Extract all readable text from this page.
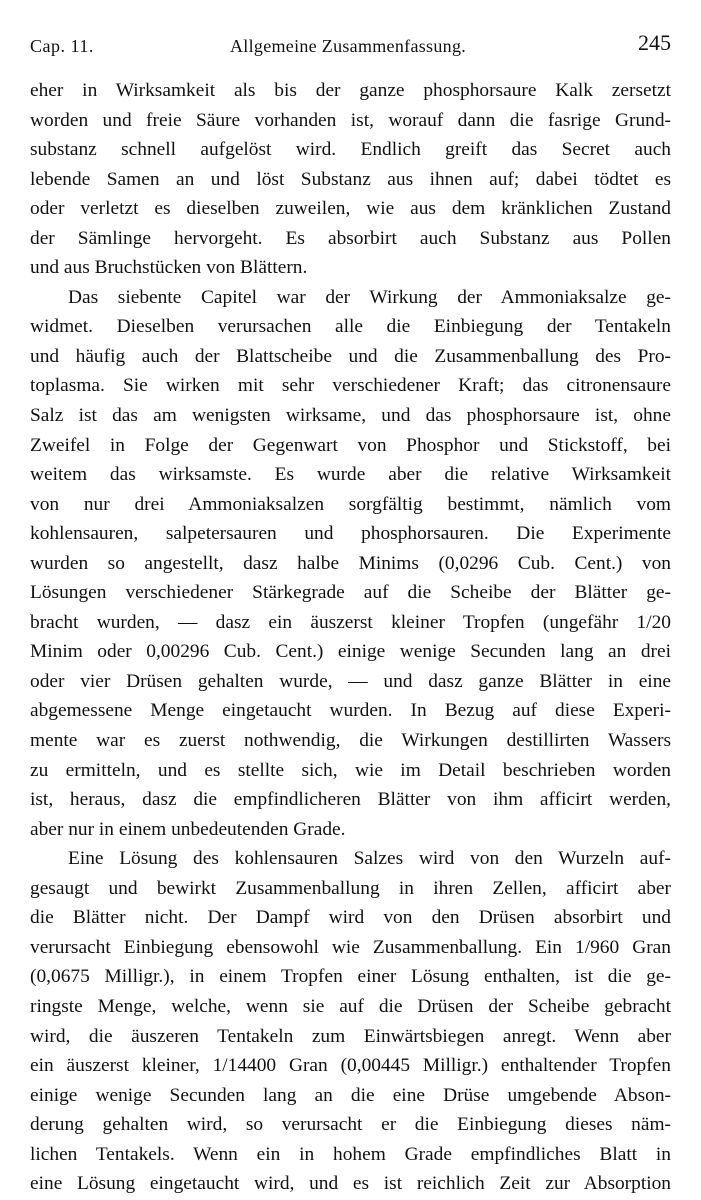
Cap. 11.	Allgemeine Zusammenfassung.	245
eher in Wirksamkeit als bis der ganze phosphorsaure Kalk zersetzt
worden und freie Säure vorhanden ist, worauf dann die fasrige Grund-
substanz schnell aufgelöst wird. Endlich greift das Secret auch
lebende Samen an und löst Substanz aus ihnen auf; dabei tödtet es
oder verletzt es dieselben zuweilen, wie aus dem kränklichen Zustand
der Sämlinge hervorgeht. Es absorbirt auch Substanz aus Pollen
und aus Bruchstücken von Blättern.
Das siebente Capitel war der Wirkung der Ammoniaksalze ge-
widmet. Dieselben verursachen alle die Einbiegung der Tentakeln
und häufig auch der Blattscheibe und die Zusammenballung des Pro-
toplasma. Sie wirken mit sehr verschiedener Kraft; das citronensaure
Salz ist das am wenigsten wirksame, und das phosphorsaure ist, ohne
Zweifel in Folge der Gegenwart von Phosphor und Stickstoff, bei
weitem das wirksamste. Es wurde aber die relative Wirksamkeit
von nur drei Ammoniaksalzen sorgfältig bestimmt, nämlich vom
kohlensauren, salpetersauren und phosphorsauren. Die Experimente
wurden so angestellt, dasz halbe Minims (0,0296 Cub. Cent.) von
Lösungen verschiedener Stärkegrade auf die Scheibe der Blätter ge-
bracht wurden, — dasz ein äuszerst kleiner Tropfen (ungefähr 1/20
Minim oder 0,00296 Cub. Cent.) einige wenige Secunden lang an drei
oder vier Drüsen gehalten wurde, — und dasz ganze Blätter in eine
abgemessene Menge eingetaucht wurden. In Bezug auf diese Experi-
mente war es zuerst nothwendig, die Wirkungen destillirten Wassers
zu ermitteln, und es stellte sich, wie im Detail beschrieben worden
ist, heraus, dasz die empfindlicheren Blätter von ihm afficirt werden,
aber nur in einem unbedeutenden Grade.
Eine Lösung des kohlensauren Salzes wird von den Wurzeln auf-
gesaugt und bewirkt Zusammenballung in ihren Zellen, afficirt aber
die Blätter nicht. Der Dampf wird von den Drüsen absorbirt und
verursacht Einbiegung ebensowohl wie Zusammenballung. Ein 1/960 Gran
(0,0675 Milligr.), in einem Tropfen einer Lösung enthalten, ist die ge-
ringste Menge, welche, wenn sie auf die Drüsen der Scheibe gebracht
wird, die äuszeren Tentakeln zum Einwärtsbiegen anregt. Wenn aber
ein äuszerst kleiner, 1/14400 Gran (0,00445 Milligr.) enthaltender Tropfen
einige wenige Secunden lang an die eine Drüse umgebende Abson-
derung gehalten wird, so verursacht er die Einbiegung dieses näm-
lichen Tentakels. Wenn ein in hohem Grade empfindliches Blatt in
eine Lösung eingetaucht wird, und es ist reichlich Zeit zur Absorption
